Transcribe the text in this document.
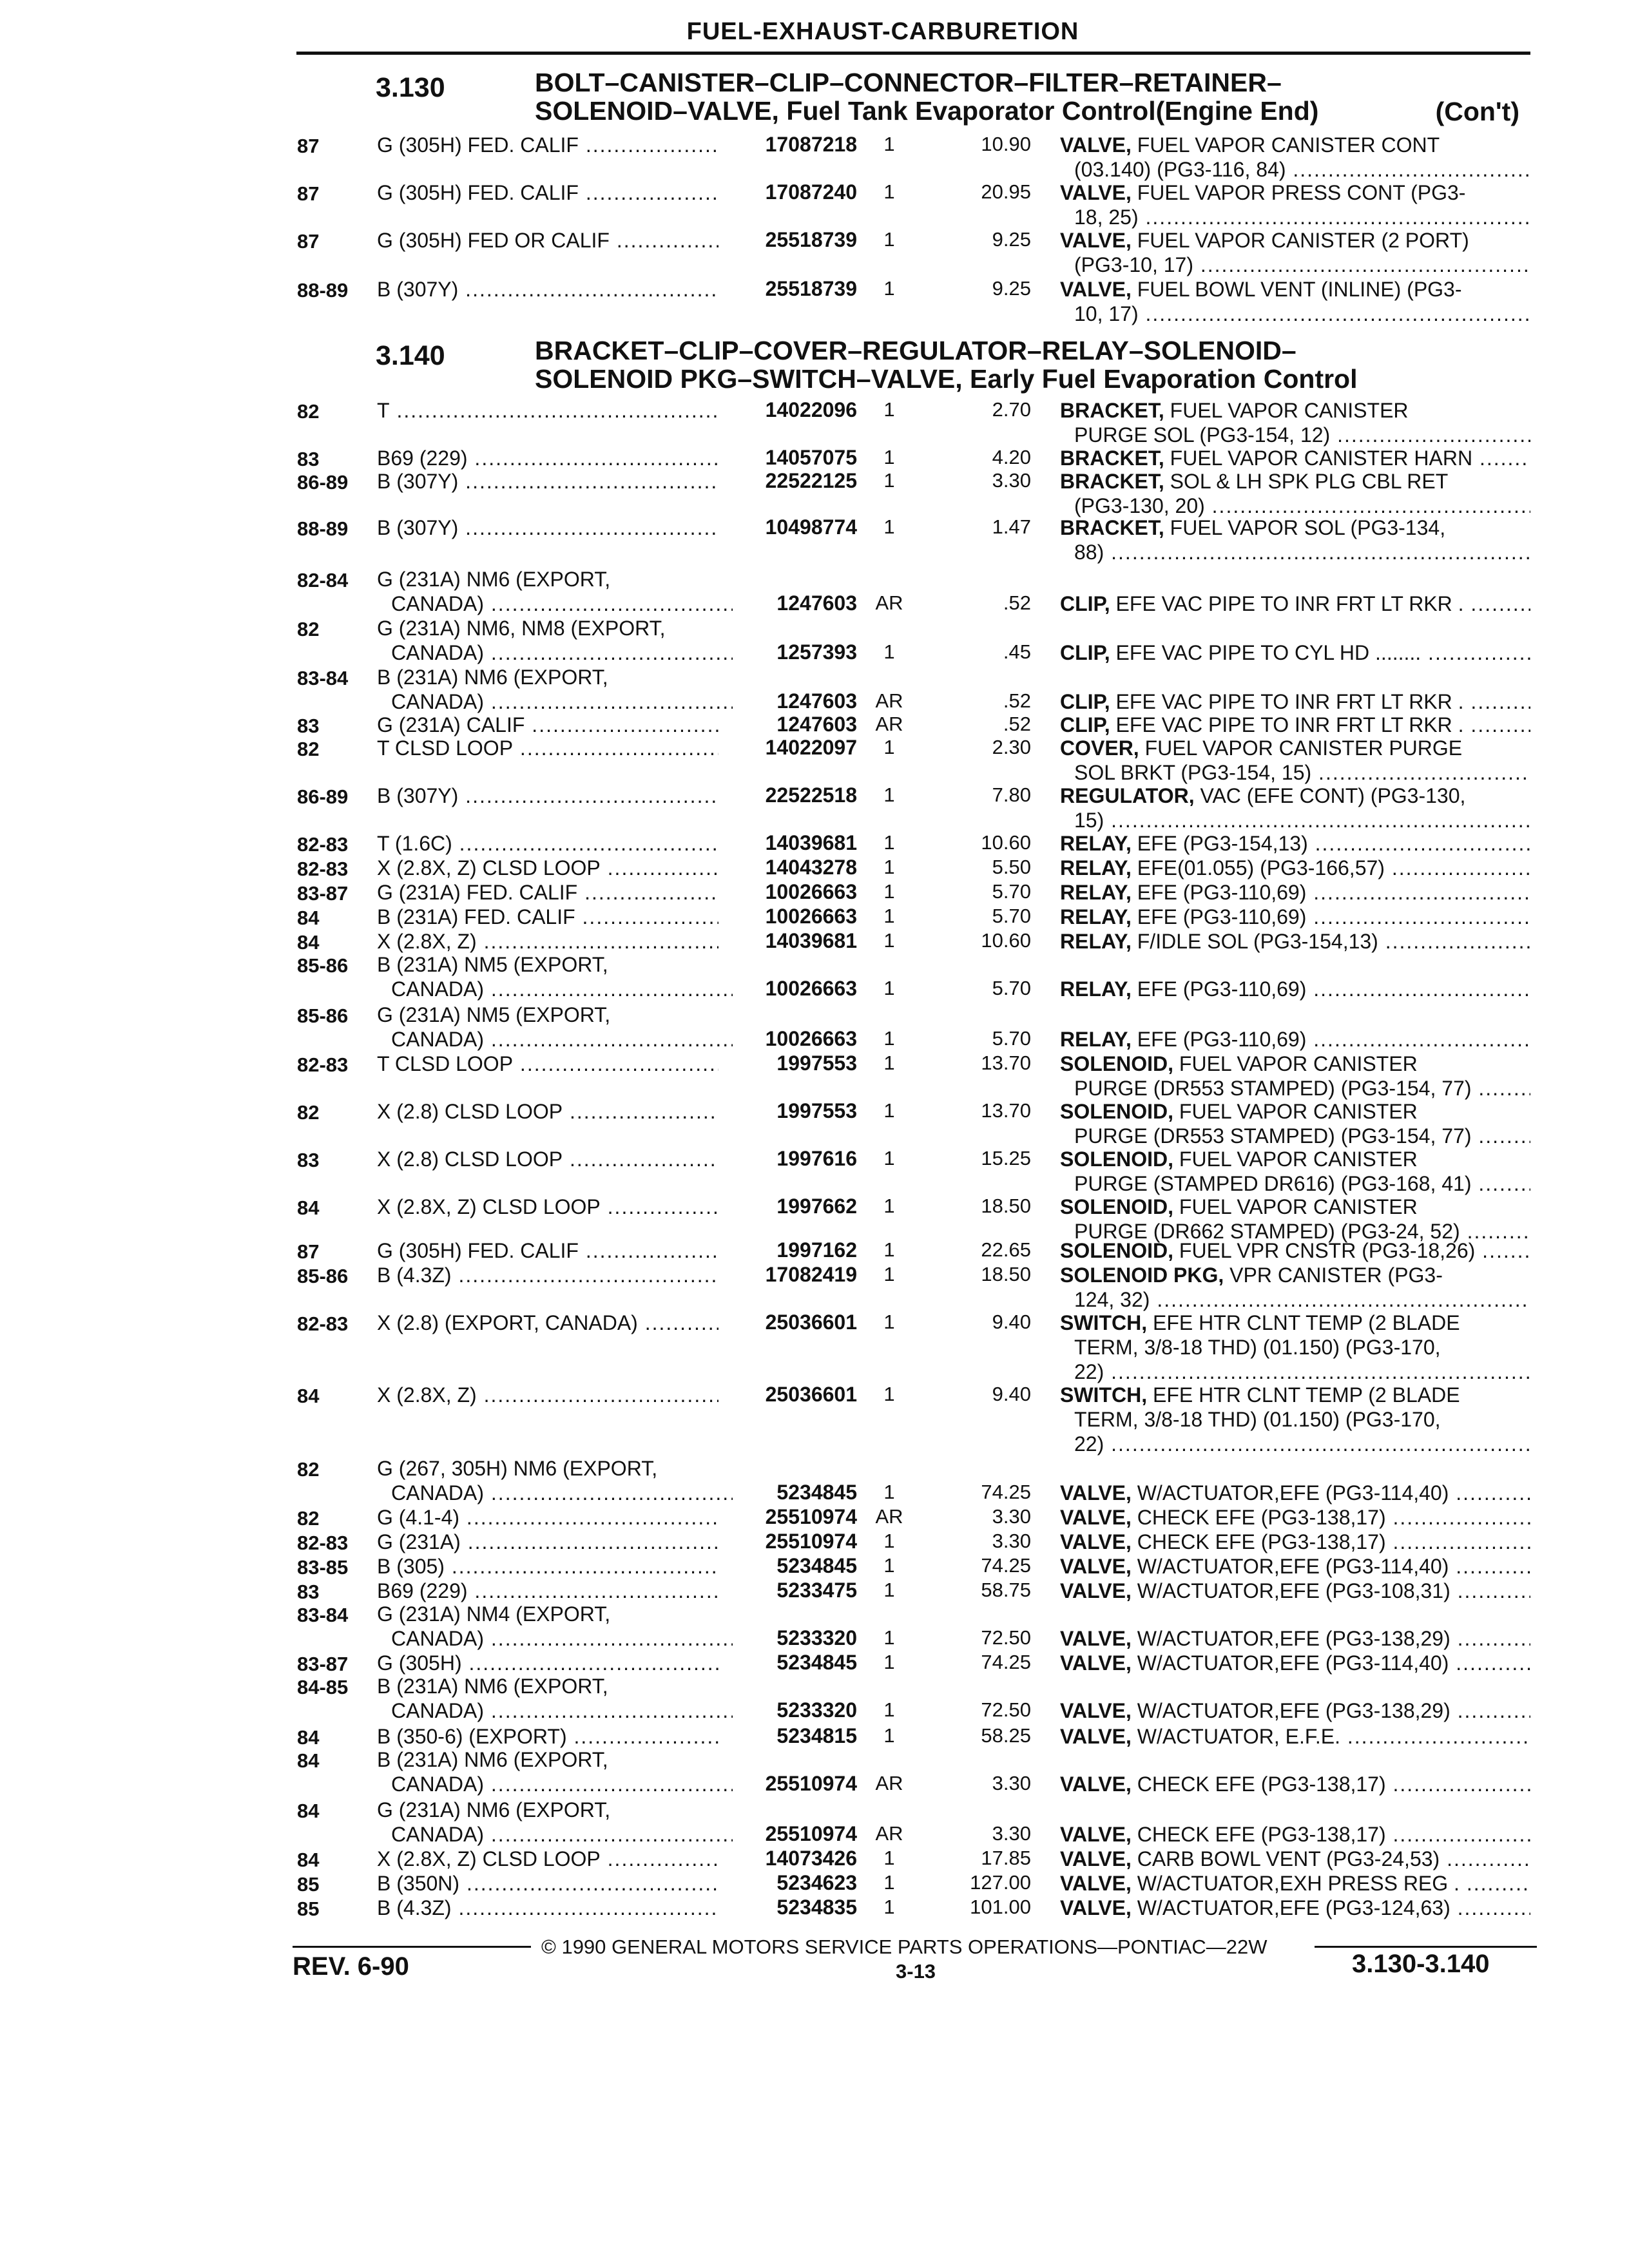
FUEL-EXHAUST-CARBURETION
3.130	BOLT–CANISTER–CLIP–CONNECTOR–FILTER–RETAINER–
SOLENOID–VALVE, Fuel Tank Evaporator Control(Engine End)	(Con't)
3.140	BRACKET–CLIP–COVER–REGULATOR–RELAY–SOLENOID–
SOLENOID PKG–SWITCH–VALVE, Early Fuel Evaporation Control
87	G (305H) FED. CALIF .....	17087218	1	10.90 VALVE, FUEL VAPOR CANISTER CONT
(03.140) (PG3-116, 84) .....
87	G (305H) FED. CALIF .....	17087240	1	20.95 VALVE, FUEL VAPOR PRESS CONT (PG3-
18, 25) .....
87	G (305H) FED OR CALIF .....	25518739	1	9.25 VALVE, FUEL VAPOR CANISTER (2 PORT)
(PG3-10, 17) .....
88-89 B (307Y) .....	25518739	1	9.25 VALVE, FUEL BOWL VENT (INLINE) (PG3-
10, 17) .....
82	T .....	14022096	1	2.70 BRACKET, FUEL VAPOR CANISTER
PURGE SOL (PG3-154, 12) .....
83	B69 (229) .....	14057075	1	4.20 BRACKET, FUEL VAPOR CANISTER HARN .....
86-89 B (307Y) .....	22522125	1	3.30 BRACKET, SOL & LH SPK PLG CBL RET
(PG3-130, 20) .....
88-89 B (307Y) .....	10498774	1	1.47 BRACKET, FUEL VAPOR SOL (PG3-134,
88) .....
82-84 G (231A) NM6 (EXPORT,
CANADA) .....	1247603 AR	.52 CLIP, EFE VAC PIPE TO INR FRT LT RKR . .....
82	G (231A) NM6, NM8 (EXPORT,
CANADA) .....	1257393	1	.45 CLIP, EFE VAC PIPE TO CYL HD ........ .....
83-84 B (231A) NM6 (EXPORT,
CANADA) .....	1247603 AR	.52 CLIP, EFE VAC PIPE TO INR FRT LT RKR . .....
83	G (231A) CALIF .....	1247603 AR	.52 CLIP, EFE VAC PIPE TO INR FRT LT RKR . .....
82	T CLSD LOOP .....	14022097	1	2.30 COVER, FUEL VAPOR CANISTER PURGE
SOL BRKT (PG3-154, 15) .....
86-89 B (307Y) .....	22522518	1	7.80 REGULATOR, VAC (EFE CONT) (PG3-130,
15) .....
82-83 T (1.6C) .....	14039681	1	10.60 RELAY, EFE (PG3-154,13) .....
82-83 X (2.8X, Z) CLSD LOOP .....	14043278	1	5.50 RELAY, EFE(01.055) (PG3-166,57) .....
83-87 G (231A) FED. CALIF .....	10026663	1	5.70 RELAY, EFE (PG3-110,69) .....
84	B (231A) FED. CALIF .....	10026663	1	5.70 RELAY, EFE (PG3-110,69) .....
84	X (2.8X, Z) .....	14039681	1	10.60 RELAY, F/IDLE SOL (PG3-154,13) .....
85-86 B (231A) NM5 (EXPORT,
CANADA) .....	10026663	1	5.70 RELAY, EFE (PG3-110,69) .....
85-86 G (231A) NM5 (EXPORT,
CANADA) .....	10026663	1	5.70 RELAY, EFE (PG3-110,69) .....
82-83 T CLSD LOOP .....	1997553	1	13.70 SOLENOID, FUEL VAPOR CANISTER
PURGE (DR553 STAMPED) (PG3-154, 77) .....
82	X (2.8) CLSD LOOP .....	1997553	1	13.70 SOLENOID, FUEL VAPOR CANISTER
PURGE (DR553 STAMPED) (PG3-154, 77) .....
83	X (2.8) CLSD LOOP .....	1997616	1	15.25 SOLENOID, FUEL VAPOR CANISTER
PURGE (STAMPED DR616) (PG3-168, 41) .....
84	X (2.8X, Z) CLSD LOOP .....	1997662	1	18.50 SOLENOID, FUEL VAPOR CANISTER
PURGE (DR662 STAMPED) (PG3-24, 52) .....
87	G (305H) FED. CALIF .....	1997162	1	22.65 SOLENOID, FUEL VPR CNSTR (PG3-18,26) .....
85-86 B (4.3Z) .....	17082419	1	18.50 SOLENOID PKG, VPR CANISTER (PG3-
124, 32) .....
82-83 X (2.8) (EXPORT, CANADA) .....	25036601	1	9.40 SWITCH, EFE HTR CLNT TEMP (2 BLADE
TERM, 3/8-18 THD) (01.150) (PG3-170,
22) .....
84	X (2.8X, Z) .....	25036601	1	9.40 SWITCH, EFE HTR CLNT TEMP (2 BLADE
TERM, 3/8-18 THD) (01.150) (PG3-170,
22) .....
82	G (267, 305H) NM6 (EXPORT,
CANADA) .....	5234845	1	74.25 VALVE, W/ACTUATOR,EFE (PG3-114,40) .....
82	G (4.1-4) .....	25510974 AR	3.30 VALVE, CHECK EFE (PG3-138,17) .....
82-83 G (231A) .....	25510974	1	3.30 VALVE, CHECK EFE (PG3-138,17) .....
83-85 B (305) .....	5234845	1	74.25 VALVE, W/ACTUATOR,EFE (PG3-114,40) .....
83	B69 (229) .....	5233475	1	58.75 VALVE, W/ACTUATOR,EFE (PG3-108,31) .....
83-84 G (231A) NM4 (EXPORT,
CANADA) .....	5233320	1	72.50 VALVE, W/ACTUATOR,EFE (PG3-138,29) .....
83-87 G (305H) .....	5234845	1	74.25 VALVE, W/ACTUATOR,EFE (PG3-114,40) .....
84-85 B (231A) NM6 (EXPORT,
CANADA) .....	5233320	1	72.50 VALVE, W/ACTUATOR,EFE (PG3-138,29) .....
84	B (350-6) (EXPORT) .....	5234815	1	58.25 VALVE, W/ACTUATOR, E.F.E. .....
84	B (231A) NM6 (EXPORT,
CANADA) .....	25510974 AR	3.30 VALVE, CHECK EFE (PG3-138,17) .....
84	G (231A) NM6 (EXPORT,
CANADA) .....	25510974 AR	3.30 VALVE, CHECK EFE (PG3-138,17) .....
84	X (2.8X, Z) CLSD LOOP .....	14073426	1	17.85 VALVE, CARB BOWL VENT (PG3-24,53) .....
85	B (350N) .....	5234623	1	127.00 VALVE, W/ACTUATOR,EXH PRESS REG . .....
85	B (4.3Z) .....	5234835	1	101.00 VALVE, W/ACTUATOR,EFE (PG3-124,63) .....
© 1990 GENERAL MOTORS SERVICE PARTS OPERATIONS—PONTIAC—22W
REV. 6-90	3-13	3.130-3.140
